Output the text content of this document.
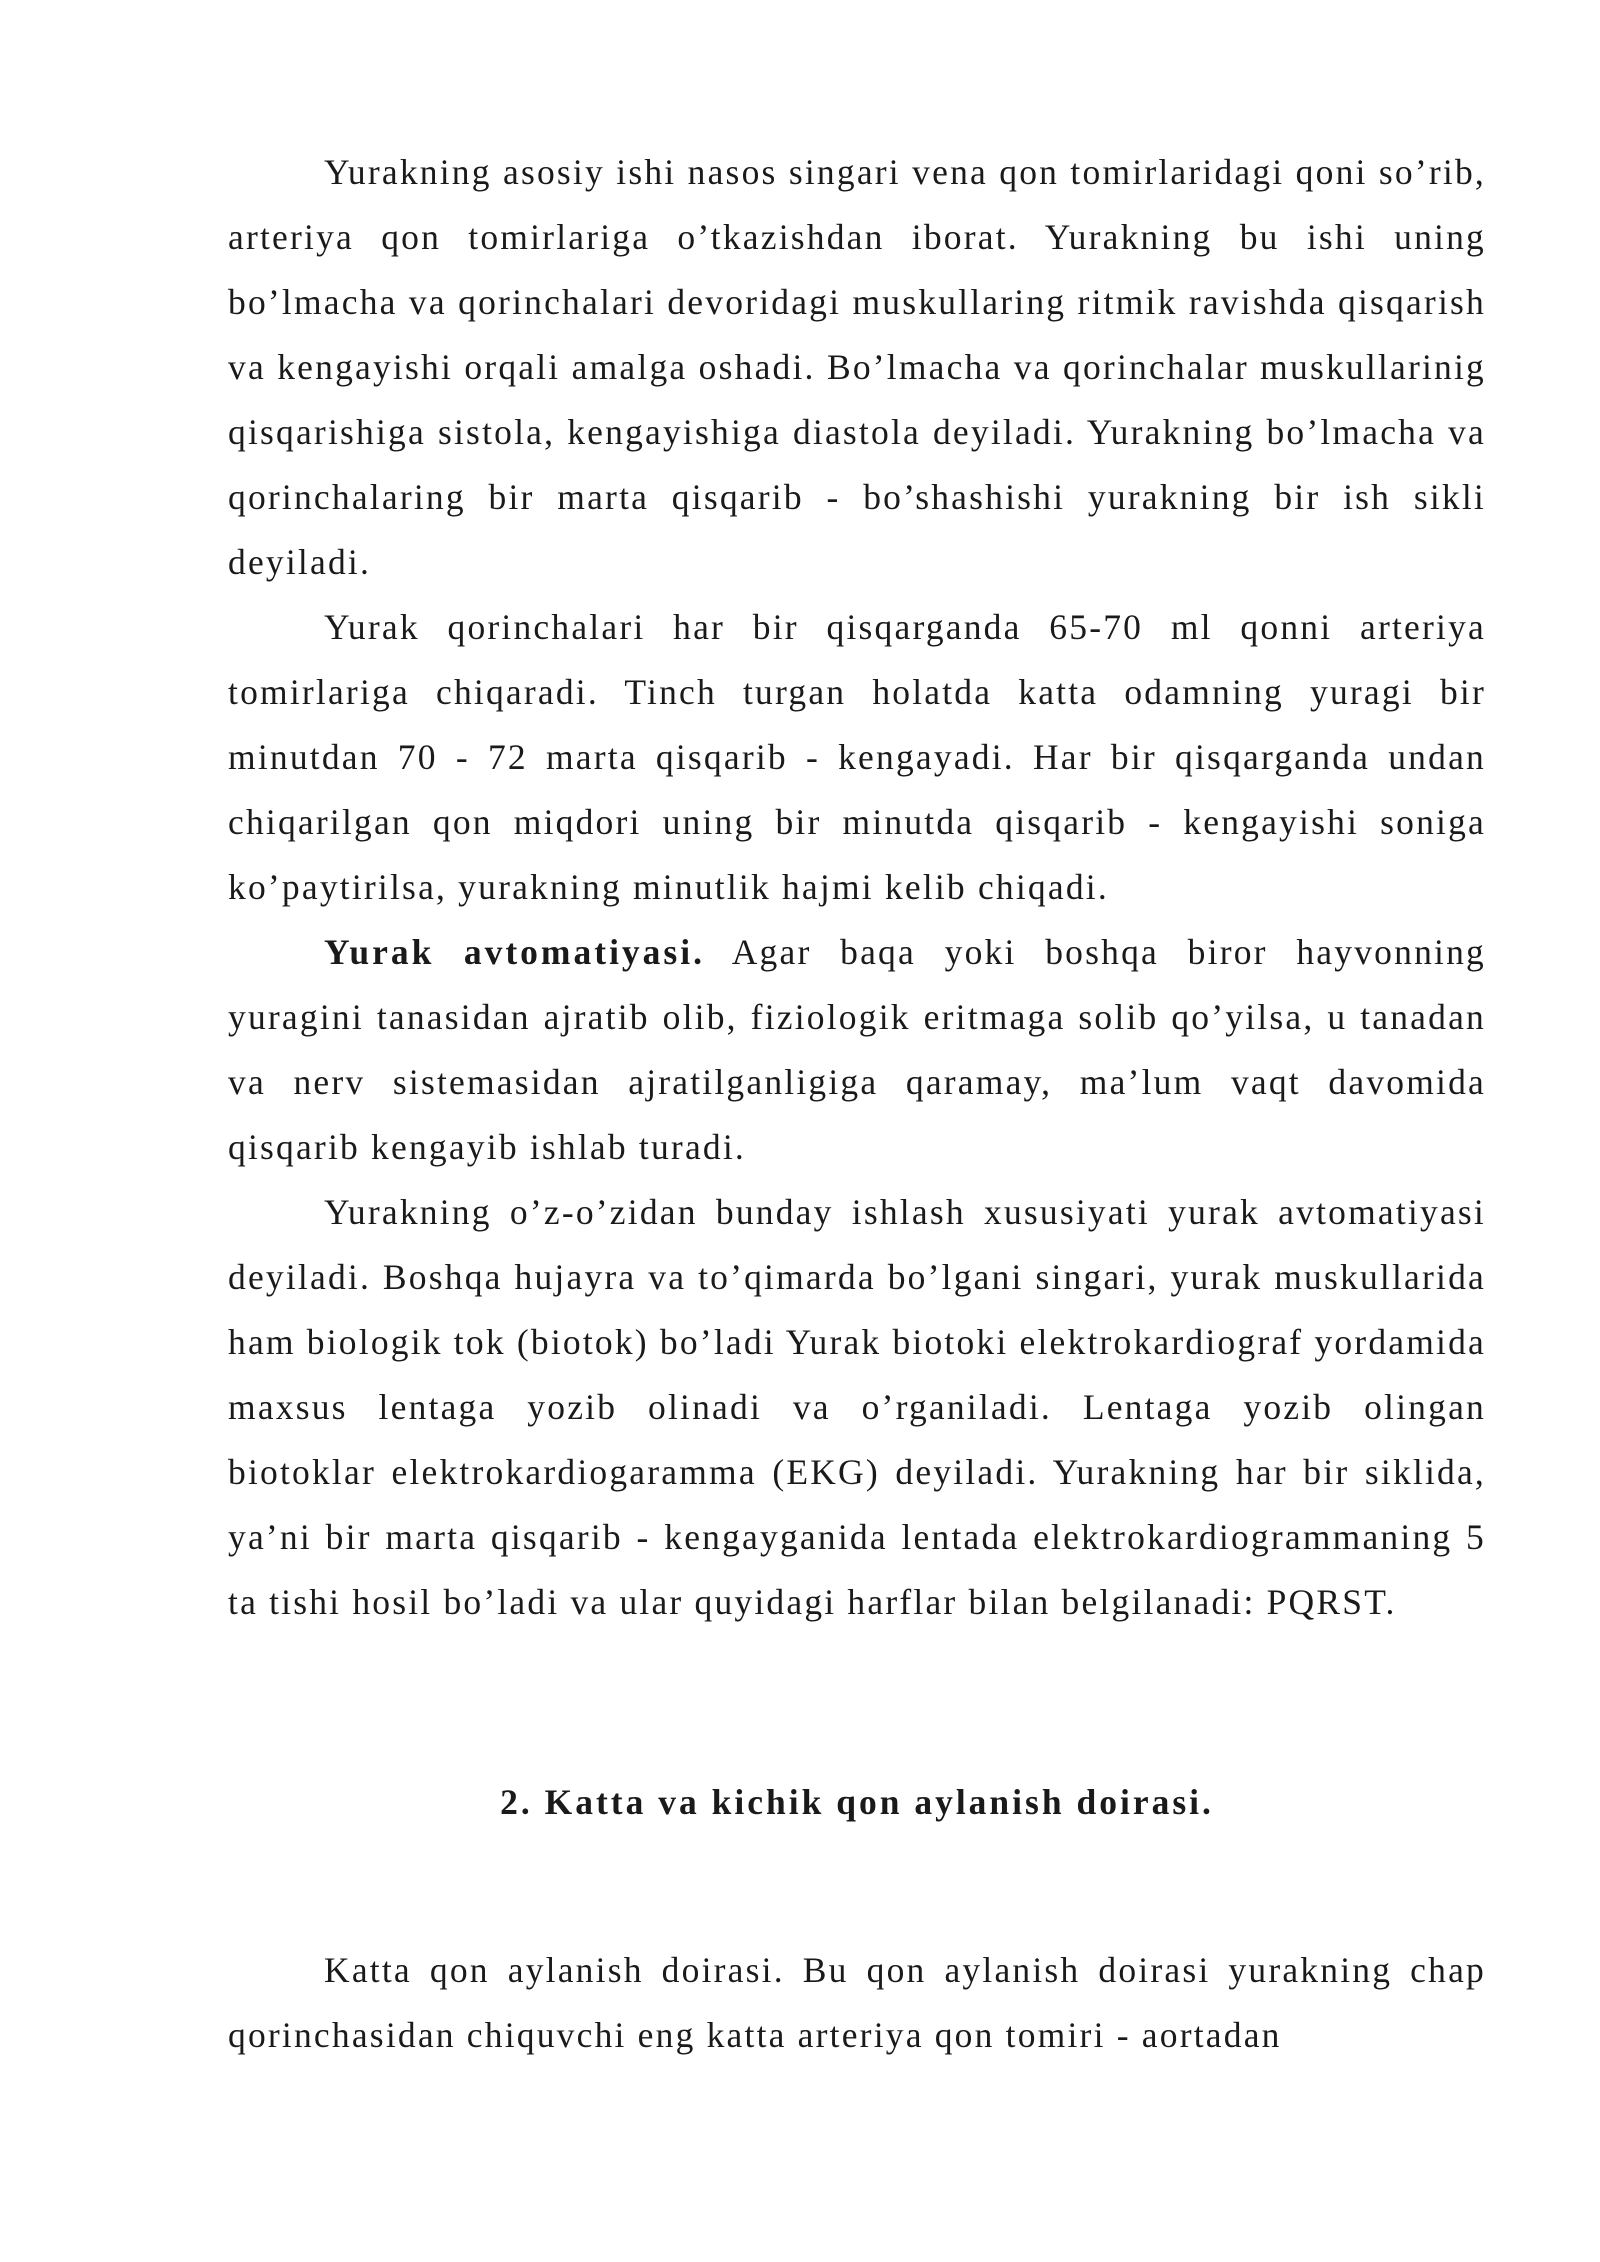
Yurakning asosiy ishi nasos singari vena qon tomirlaridagi qoni so’rib, arteriya qon tomirlariga o’tkazishdan iborat. Yurakning bu ishi uning bo’lmacha va qorinchalari devoridagi muskullaring ritmik ravishda qisqarish va kengayishi orqali amalga oshadi. Bo’lmacha va qorinchalar muskullarinig qisqarishiga sistola, kengayishiga diastola deyiladi. Yurakning bo’lmacha va qorinchalaring bir marta qisqarib - bo’shashishi yurakning bir ish sikli deyiladi.

Yurak qorinchalari har bir qisqarganda 65-70 ml qonni arteriya tomirlariga chiqaradi. Tinch turgan holatda katta odamning yuragi bir minutdan 70 - 72 marta qisqarib - kengayadi. Har bir qisqarganda undan chiqarilgan qon miqdori uning bir minutda qisqarib - kengayishi soniga ko’paytirilsa, yurakning minutlik hajmi kelib chiqadi.

Yurak avtomatiyasi. Agar baqa yoki boshqa biror hayvonning yuragini tanasidan ajratib olib, fiziologik eritmaga solib qo’yilsa, u tanadan va nerv sistemasidan ajratilganligiga qaramay, ma’lum vaqt davomida qisqarib kengayib ishlab turadi.

Yurakning o’z-o’zidan bunday ishlash xususiyati yurak avtomatiyasi deyiladi. Boshqa hujayra va to’qimarda bo’lgani singari, yurak muskullarida ham biologik tok (biotok) bo’ladi Yurak biotoki elektrokardiograf yordamida maxsus lentaga yozib olinadi va o’rganiladi. Lentaga yozib olingan biotoklar elektrokardiogaramma (EKG) deyiladi. Yurakning har bir siklida, ya’ni bir marta qisqarib - kengayganida lentada elektrokardiogrammaning 5 ta tishi hosil bo’ladi va ular quyidagi harflar bilan belgilanadi: PQRST.

2. Katta va kichik qon aylanish doirasi.

Katta qon aylanish doirasi. Bu qon aylanish doirasi yurakning chap qorinchasidan chiquvchi eng katta arteriya qon tomiri - aortadan
